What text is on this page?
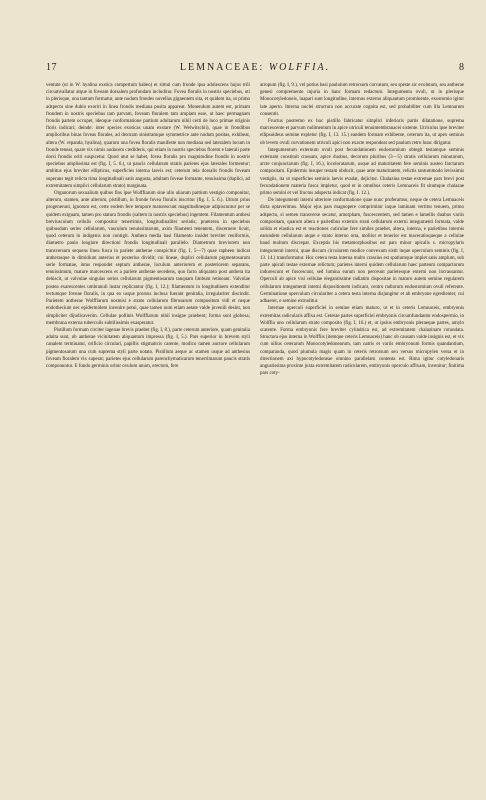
17	LEMNACEAE: WOLFFIA.	8

ventute (ut in W. hyalina exstica compertum habeo) et simul cum fronde ipsa adolescens hujus trili circumvallatur atque in foveam dorsalem profundam includitur. Fovea floralis in nostris speciebus, uti in plerisque, una tantum formatur, ante nodum frondes novellas gignentem sita, et quidem ita, ut primo adspectu sine dubio exoriri in linea frondis mediana posita appareat. Monendum autem est, primam frondem in nostris speciebus tam parvam, foveam floralem tam amplam esse, ut haec permagnam frondis partem occupet, ideoque conformatione partium adultarum nihil certi de loco primae originis floris indicari; deinde: inter species exoticas unam exstare (W. Welwitschii), quae in frondibus amplioribus binas foveas florales, ad dextram sinistramque symmetrice ante nodum positas, exhibeat, altera (W. repanda, hyalina), quarum una fovea floralis manifeste non mediana sed lateralem locum in fronde teneat, quare vix nimis audacem credideris, qui etiam in nostris speciebus florem e laterali parte dorsi frondis oriri suspicetur. Quod utut se habet, fovea floralis pro magnitudine frondis in nostris speciebus amplissima est (fig. I, 5. 6.), ut paucis cellularum stratis parietes ejus laterales formentur; ambitus ejus breviter ellipticus, superficies interna laevis est; ceterum tela dorsalis frondis foveam superans tegit relicta rima longitudinali satis angusta, adultam foveae formante, tenuissima (duplici, ad extremitatem simplici cellularum strato) marginata.

Organorum sexualium quibus flos ipse Wolffiarum sine ullo aliarum partium vestigio componitur, alterum, stamen, ante alterum, pistillum, in fronde fovea floralis inscritur (fig. I, 5. 6.). Utrum prius progenerunt, ignotum est, certe eodem fere tempore maturescunt magnitudineque adipiscuntur per se quidem exiguam, tamen pro statura frondis (saltem in nostris speciebus) ingentem. Filamentum anthesi breviusculum cellulis compositur tenerrimis, longitudinaliter seriatis; praeterea in speciebus quibusdam series cellularum, vasculum tenuissimarum, axim filamenti tenentem, discernere licuit, quod ceterum in indigenis non contigit. Anthera media basi filamento insidet breviter reniformis, diametro paulo longiore directioni frondis longitudinali parallelo. Diametrum breviorem non transversum sequens linea fusca in pariete antherae conspicitur (fig. I, 5—7) quae rapheen indicat antherasque in dimidium anterius et posterius dividit; cui lineae, duplici cellularum pigmentosarum serie formatae, intus respondet septum antherae, loculum anteriorem et posteriorem separans, tenuissimum, mature marcescens et a pariete antherae secedens, quo facto aliquanto post anthera ita dehiscit, ut valvulae singulas series cellularum pigmentosarum tanquam limbum retineant. Valvulae postea exarescentes umbranuli instar replicantur (fig. I, 12.); filamentum in longitudinem extenditur tectumque foveae floralis, in qua eo usque prorsus inclusa fuerant genitalia, irregulariter discindit. Parietem antherae Wolffiarum nosmisi e strato cellularum fibrosarum compositum vidi et neque endothecium nec epidermidem invenire potui, quae tamen num etiam aetate valde juvenili desint, non simpliciter dijudicaverim. Cellulae pollinis Wolffiarum nihil insigne praebent; forma sunt globosa; membrana externa tuberculis subtilissimis exasperatur.

Pistillum formam circiter lagenae brevis praebet (fig. I, 8.), parte ceterum anteriore, quam genitalia adulta sunt, ob antherae vicinitatem aliquantum impressa (fig. I, 5.). Pars superior in brevem styli canalem terminatur, orificio circulari, papillis stigmaticis carente, modico tamen auctore cellularum pigmentosarum una cum suprema styli parte notato. Pistillum aeque ac stamen usque ad anthesius foveam floralem vix superat; parietes ejus cellularum parenchymaticarum tenerrimarum paucis stratis componuntur. E fundo germinis oritur ovulum unum, erectum, fere

atropum (fig. I, 9.), vel potius basi paululum retrorsum curvatum, seu speste sic evolutum, seu antherae genesi compremento injuria in hanc formam redactum. Integumenta ovuli, ut in plerisque Monocotyledoneis, inapari sunt longitudine, internus externo aliquantum prominente, exostomio igitur late aperto. Interna nuclei structura non accurate cognita est, sed probabiliter cum illa Lemnarum consentit.

Fructus postremo ex hoc pistillo fabricatur simplici inferioris partis dilatatione, suprema marcescente et parvum rudimentum in apice utriculi tenuimembranacei sistente. Utriculus ipse breviter ellipsoideus semine expletur (fig. I, 13. 15.) eandem formam exhibente, ceterum ita, ut apex seminis ob levem ovuli curvationem utriculi apici non exacte respondeat sed paulum retro hunc dirigatur.

Integumentum externum ovuli post fecundationem endostomium obtegit testamque seminis externam constituit crassam, apice duobus, decorum pluribus (3—5) stratis cellularum minutarum, arcte conjunctarum (fig. I, 16.), incoloratarum, usque ad maturitatem fere seminis austeo farctarum compositam. Epidermis insuper testam obducit, quae ante maturitatem, relictis tantummodo levissimis vestigiis, ita ut superficies seminis laevis evadat, dejicitur. Chalazina testae extremae pars brevi post fecundationem materia fusca impletur, quod et in omnibus ceteris Lemnaceis fit situmque chalazae primo semini et vel fructus adspecta indicat (fig. I. 12.).

De integumenti interni ulteriore conformatione quae nunc proferamus, neque de cetera Lemnaceis dicta optaverimus. Major ejus pars magnopere comprimitur inque laminam vertitur tenuem, primo adspectu, si semen transverse secatur, amorpham, fuscescentem, sed tamen e lamellis duabus variis compositam, quarum altera e parietibus externis strati cellularum externi integumenti formata, valde solida et elastica est et reactiones cuticulae fere similes praebet, altera, interna, e parietibus internis earundem cellularum atque e strato interno orta, mollior et tenerior est maceratioqueque a cellulae haud multum discrepat. Exceptis his metamorphosibus est pars minor apicalis s. micropylaris integumenti interni, quae discum circularem modice convexum sistit inque operculum seminis (fig. I, 13. 14.) transformatur. Hoc cetera testa interna multo crassius est spatiumque implet satis amplum, sub parte apicali testae externae relictum; parietes interni quidem cellularum haec parteum compactorum indurescunt et fuscescunt, sed lumina earum non perceunt parietesque externi non incrassantur. Operculi ab apice visi cellulae elegantissime radiatim dispositae in maturo autem semine regularem cellularum integumenti interni dispositionem indicant, centro radiorum endostomium ovuli referente. Germinatione operculum circulariter a cetera testa interna disjungitur et ab embryone egredienter, cui adhaeret, e semine extruditur.

Internae operculi superficiei in semine etiam maturo, ut et in ceteris Lemnaceis, embryonis extremitas radicularis affixa est. Ceterae partes superficiei embryonis circumfundantur endospermio, in Wolffia uno cellularum strato composito (fig. I, 16.) et, ut ipsius embryonis pleraeque partes, amylo scatente. Forma embryonis fere breviter cylindrica est, ad extremitatem chalazinam rotundata. Structura ejus interna in Wolffiis (itemque ceteris Lemnaceis) hanc ob causam valde insignis est, et vix cum ullius ceterarum Monocotyledonearum, tam natris et variis embryonum formis quandantium, comparanda, quod plumula magis quam in ceteris retrorsum seu versus micropylen versa et in directionem axi hypocotyledoneae omnino parallelam contenta est. Rima igitur cotyledonaris angustissima proxime juxta extremitatem radicularem, embryonis operculo affixam, invenitur; finitima pars coty-
